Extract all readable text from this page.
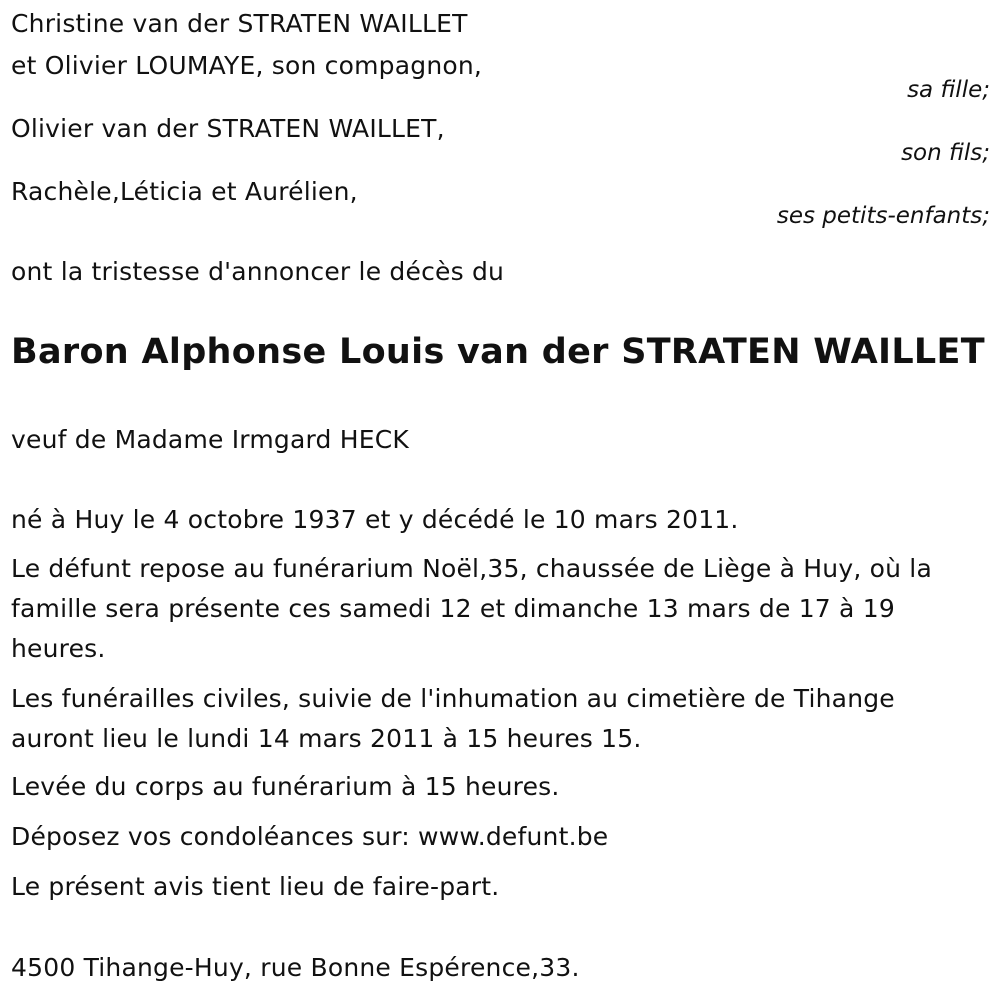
Christine van der STRATEN WAILLET
et Olivier LOUMAYE, son compagnon,
sa fille;
Olivier van der STRATEN WAILLET,
son fils;
Rachèle,Léticia et Aurélien,
ses petits-enfants;
ont la tristesse d'annoncer le décès du
Baron Alphonse Louis van der STRATEN WAILLET
veuf de Madame Irmgard HECK
né à Huy le 4 octobre 1937 et y décédé le 10 mars 2011.
Le défunt repose au funérarium Noël,35, chaussée de Liège à Huy, où la famille sera présente ces samedi 12 et dimanche 13 mars de 17 à 19 heures.
Les funérailles civiles, suivie de l'inhumation au cimetière de Tihange auront lieu le lundi 14 mars 2011 à 15 heures 15.
Levée du corps au funérarium à 15 heures.
Déposez vos condoléances sur: www.defunt.be
Le présent avis tient lieu de faire-part.
4500 Tihange-Huy, rue Bonne Espérence,33.
